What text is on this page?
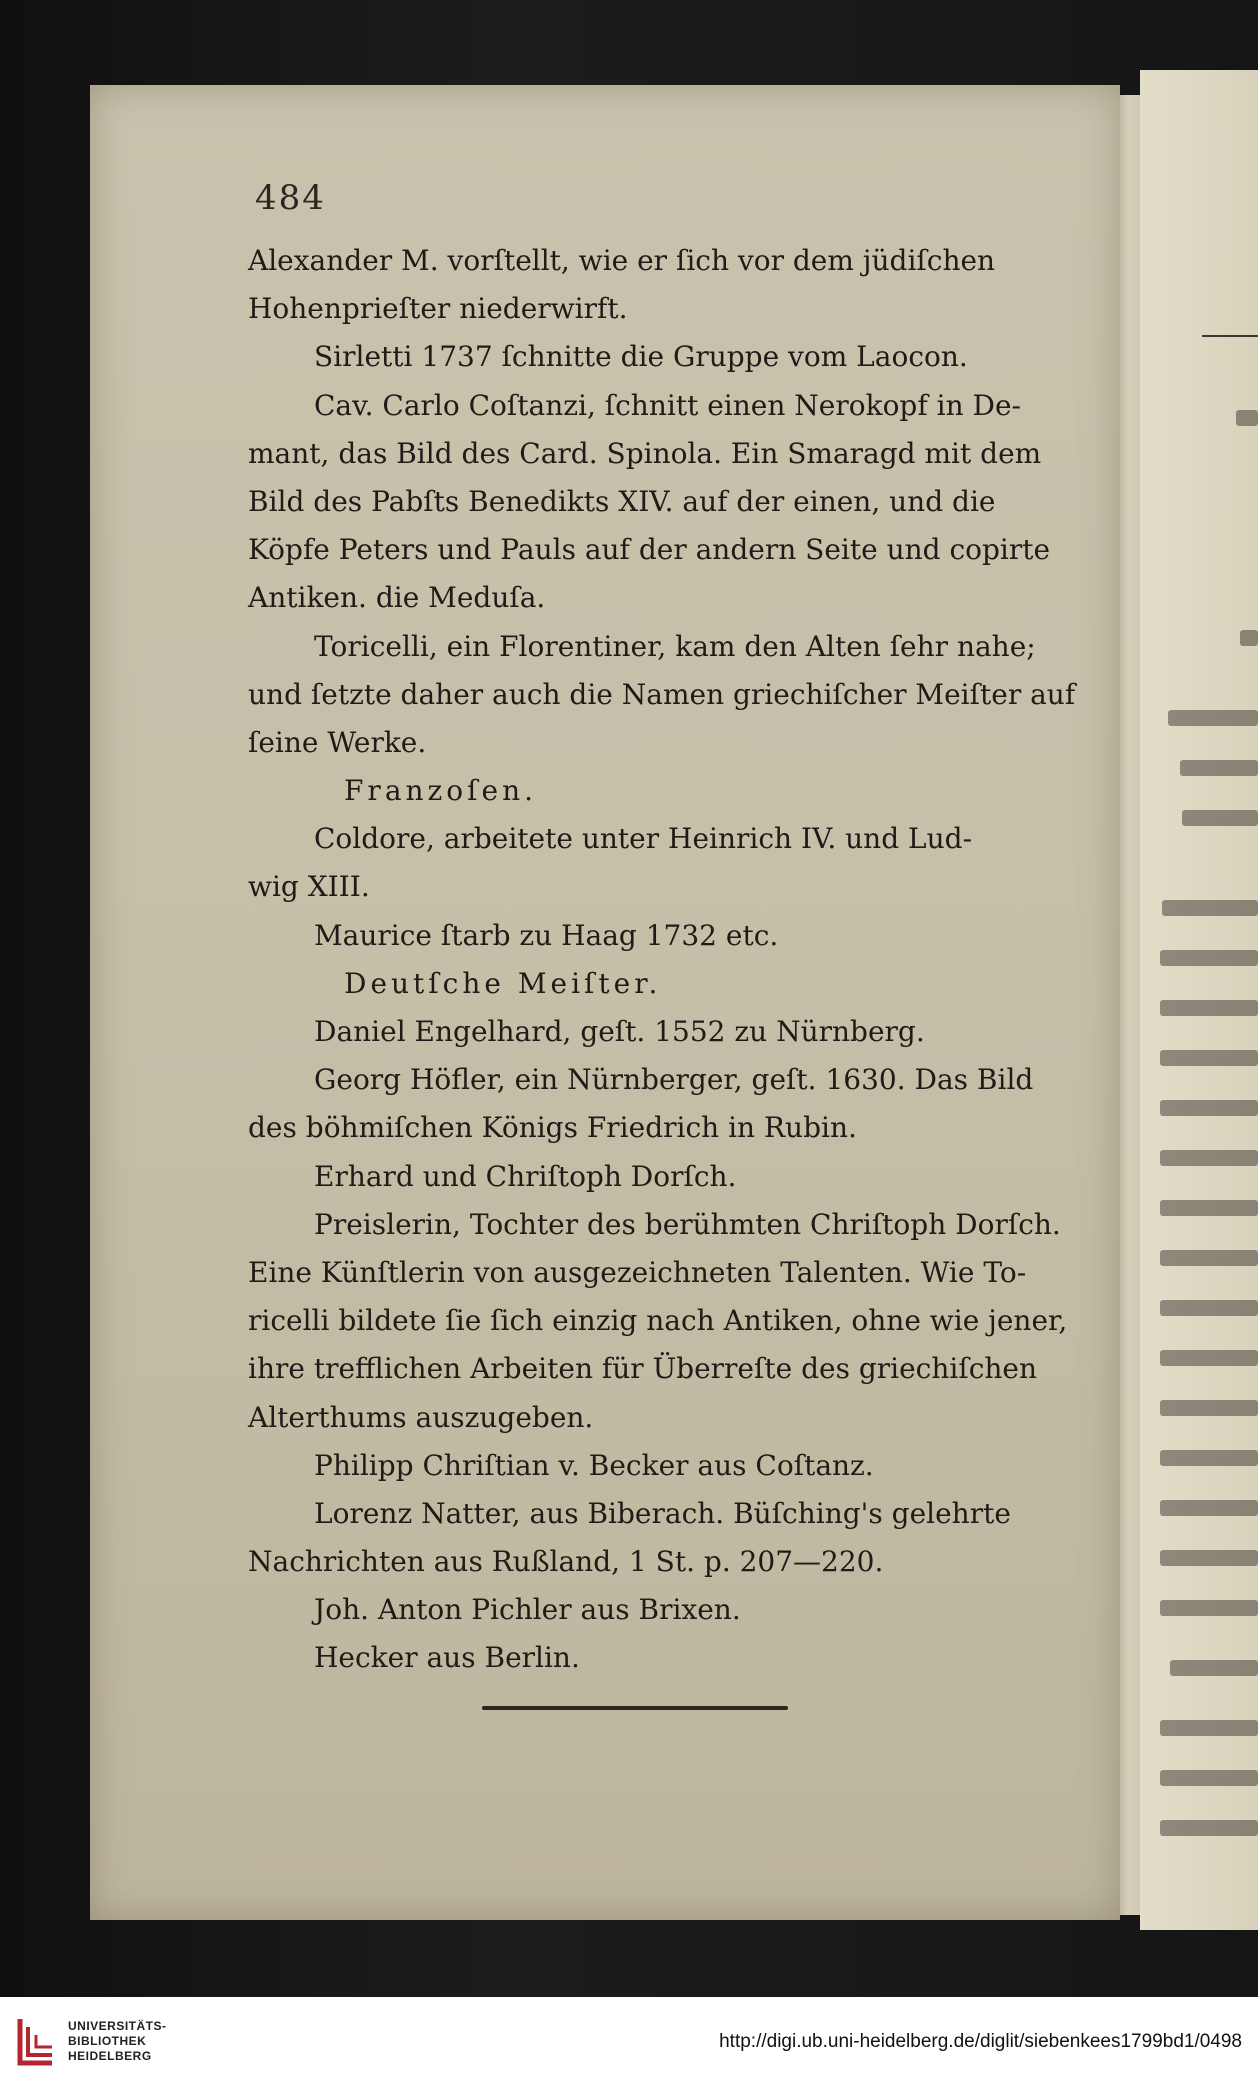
484
Alexander M. vorſtellt, wie er ſich vor dem jüdiſchen
Hohenprieſter niederwirft.
Sirletti 1737 ſchnitte die Gruppe vom Laocon.
Cav. Carlo Coſtanzi, ſchnitt einen Nerokopf in De-
mant, das Bild des Card. Spinola. Ein Smaragd mit dem
Bild des Pabſts Benedikts XIV. auf der einen, und die
Köpfe Peters und Pauls auf der andern Seite und copirte
Antiken. die Meduſa.
Toricelli, ein Florentiner, kam den Alten ſehr nahe;
und ſetzte daher auch die Namen griechiſcher Meiſter auf
ſeine Werke.
Franzoſen.
Coldore, arbeitete unter Heinrich IV. und Lud-
wig XIII.
Maurice ſtarb zu Haag 1732 etc.
Deutſche Meiſter.
Daniel Engelhard, geſt. 1552 zu Nürnberg.
Georg Höfler, ein Nürnberger, geſt. 1630. Das Bild
des böhmiſchen Königs Friedrich in Rubin.
Erhard und Chriſtoph Dorſch.
Preislerin, Tochter des berühmten Chriſtoph Dorſch.
Eine Künſtlerin von ausgezeichneten Talenten. Wie To-
ricelli bildete ſie ſich einzig nach Antiken, ohne wie jener,
ihre trefflichen Arbeiten für Überreſte des griechiſchen
Alterthums auszugeben.
Philipp Chriſtian v. Becker aus Coſtanz.
Lorenz Natter, aus Biberach. Büſching's gelehrte
Nachrichten aus Rußland, 1 St. p. 207—220.
Joh. Anton Pichler aus Brixen.
Hecker aus Berlin.
UNIVERSITÄTS-
BIBLIOTHEK
HEIDELBERG
http://digi.ub.uni-heidelberg.de/diglit/siebenkees1799bd1/0498
